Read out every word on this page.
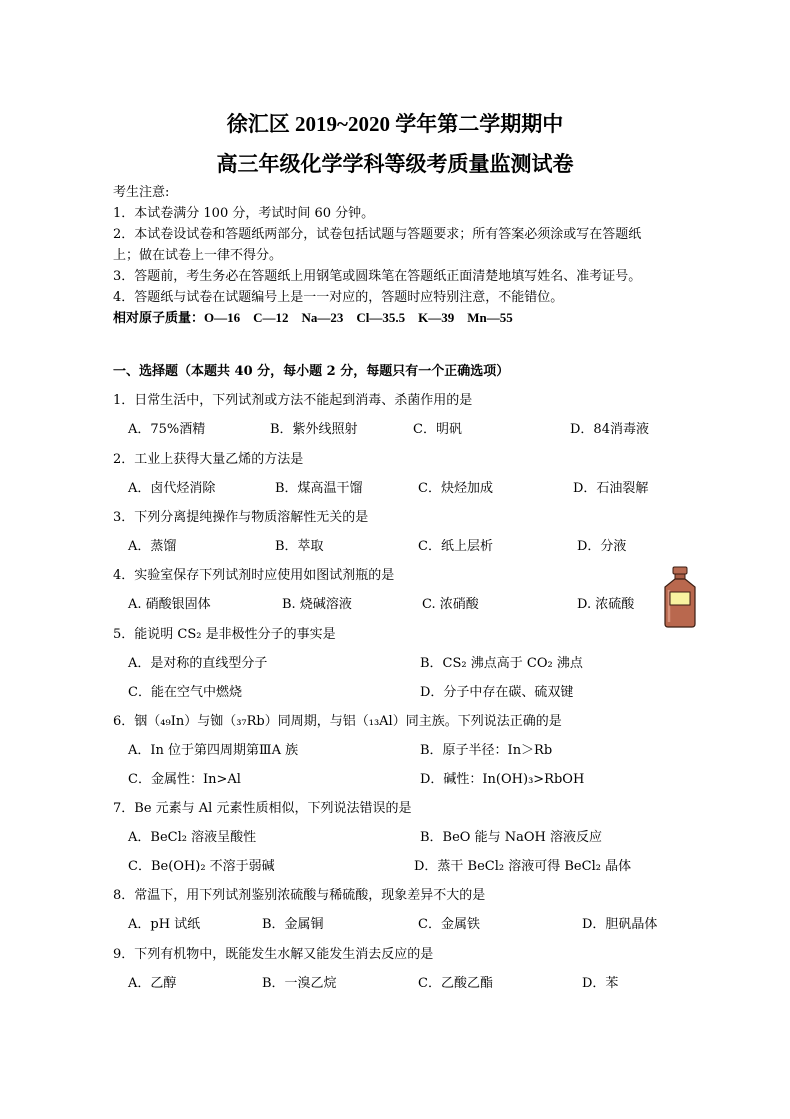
徐汇区 2019~2020 学年第二学期期中
高三年级化学学科等级考质量监测试卷
考生注意:
1．本试卷满分 100 分，考试时间 60 分钟。
2．本试卷设试卷和答题纸两部分，试卷包括试题与答题要求；所有答案必须涂或写在答题纸
上；做在试卷上一律不得分。
3．答题前，考生务必在答题纸上用钢笔或圆珠笔在答题纸正面清楚地填写姓名、准考证号。
4．答题纸与试卷在试题编号上是一一对应的，答题时应特别注意，不能错位。
相对原子质量：O—16　C—12　Na—23　Cl—35.5　K—39　Mn—55
一、选择题（本题共 40 分，每小题 2 分，每题只有一个正确选项）
1．日常生活中，下列试剂或方法不能起到消毒、杀菌作用的是
A．75%酒精	B．紫外线照射	C．明矾	D．84消毒液
2．工业上获得大量乙烯的方法是
A．卤代烃消除	B．煤高温干馏	C．炔烃加成	D．石油裂解
3．下列分离提纯操作与物质溶解性无关的是
A．蒸馏	B．萃取	C．纸上层析	D．分液
4．实验室保存下列试剂时应使用如图试剂瓶的是
A. 硝酸银固体	B. 烧碱溶液	C. 浓硝酸	D. 浓硫酸
5．能说明 CS₂ 是非极性分子的事实是
A．是对称的直线型分子	B．CS₂ 沸点高于 CO₂ 沸点
C．能在空气中燃烧	D．分子中存在碳、硫双键
6．铟（₄₉In）与铷（₃₇Rb）同周期，与铝（₁₃Al）同主族。下列说法正确的是
A．In 位于第四周期第ⅢA 族	B．原子半径：In＞Rb
C．金属性：In>Al	D．碱性：In(OH)₃>RbOH
7．Be 元素与 Al 元素性质相似，下列说法错误的是
A．BeCl₂ 溶液呈酸性	B．BeO 能与 NaOH 溶液反应
C．Be(OH)₂ 不溶于弱碱	D．蒸干 BeCl₂ 溶液可得 BeCl₂ 晶体
8．常温下，用下列试剂鉴别浓硫酸与稀硫酸，现象差异不大的是
A．pH 试纸	B．金属铜	C．金属铁	D．胆矾晶体
9．下列有机物中，既能发生水解又能发生消去反应的是
A．乙醇	B．一溴乙烷	C．乙酸乙酯	D．苯
